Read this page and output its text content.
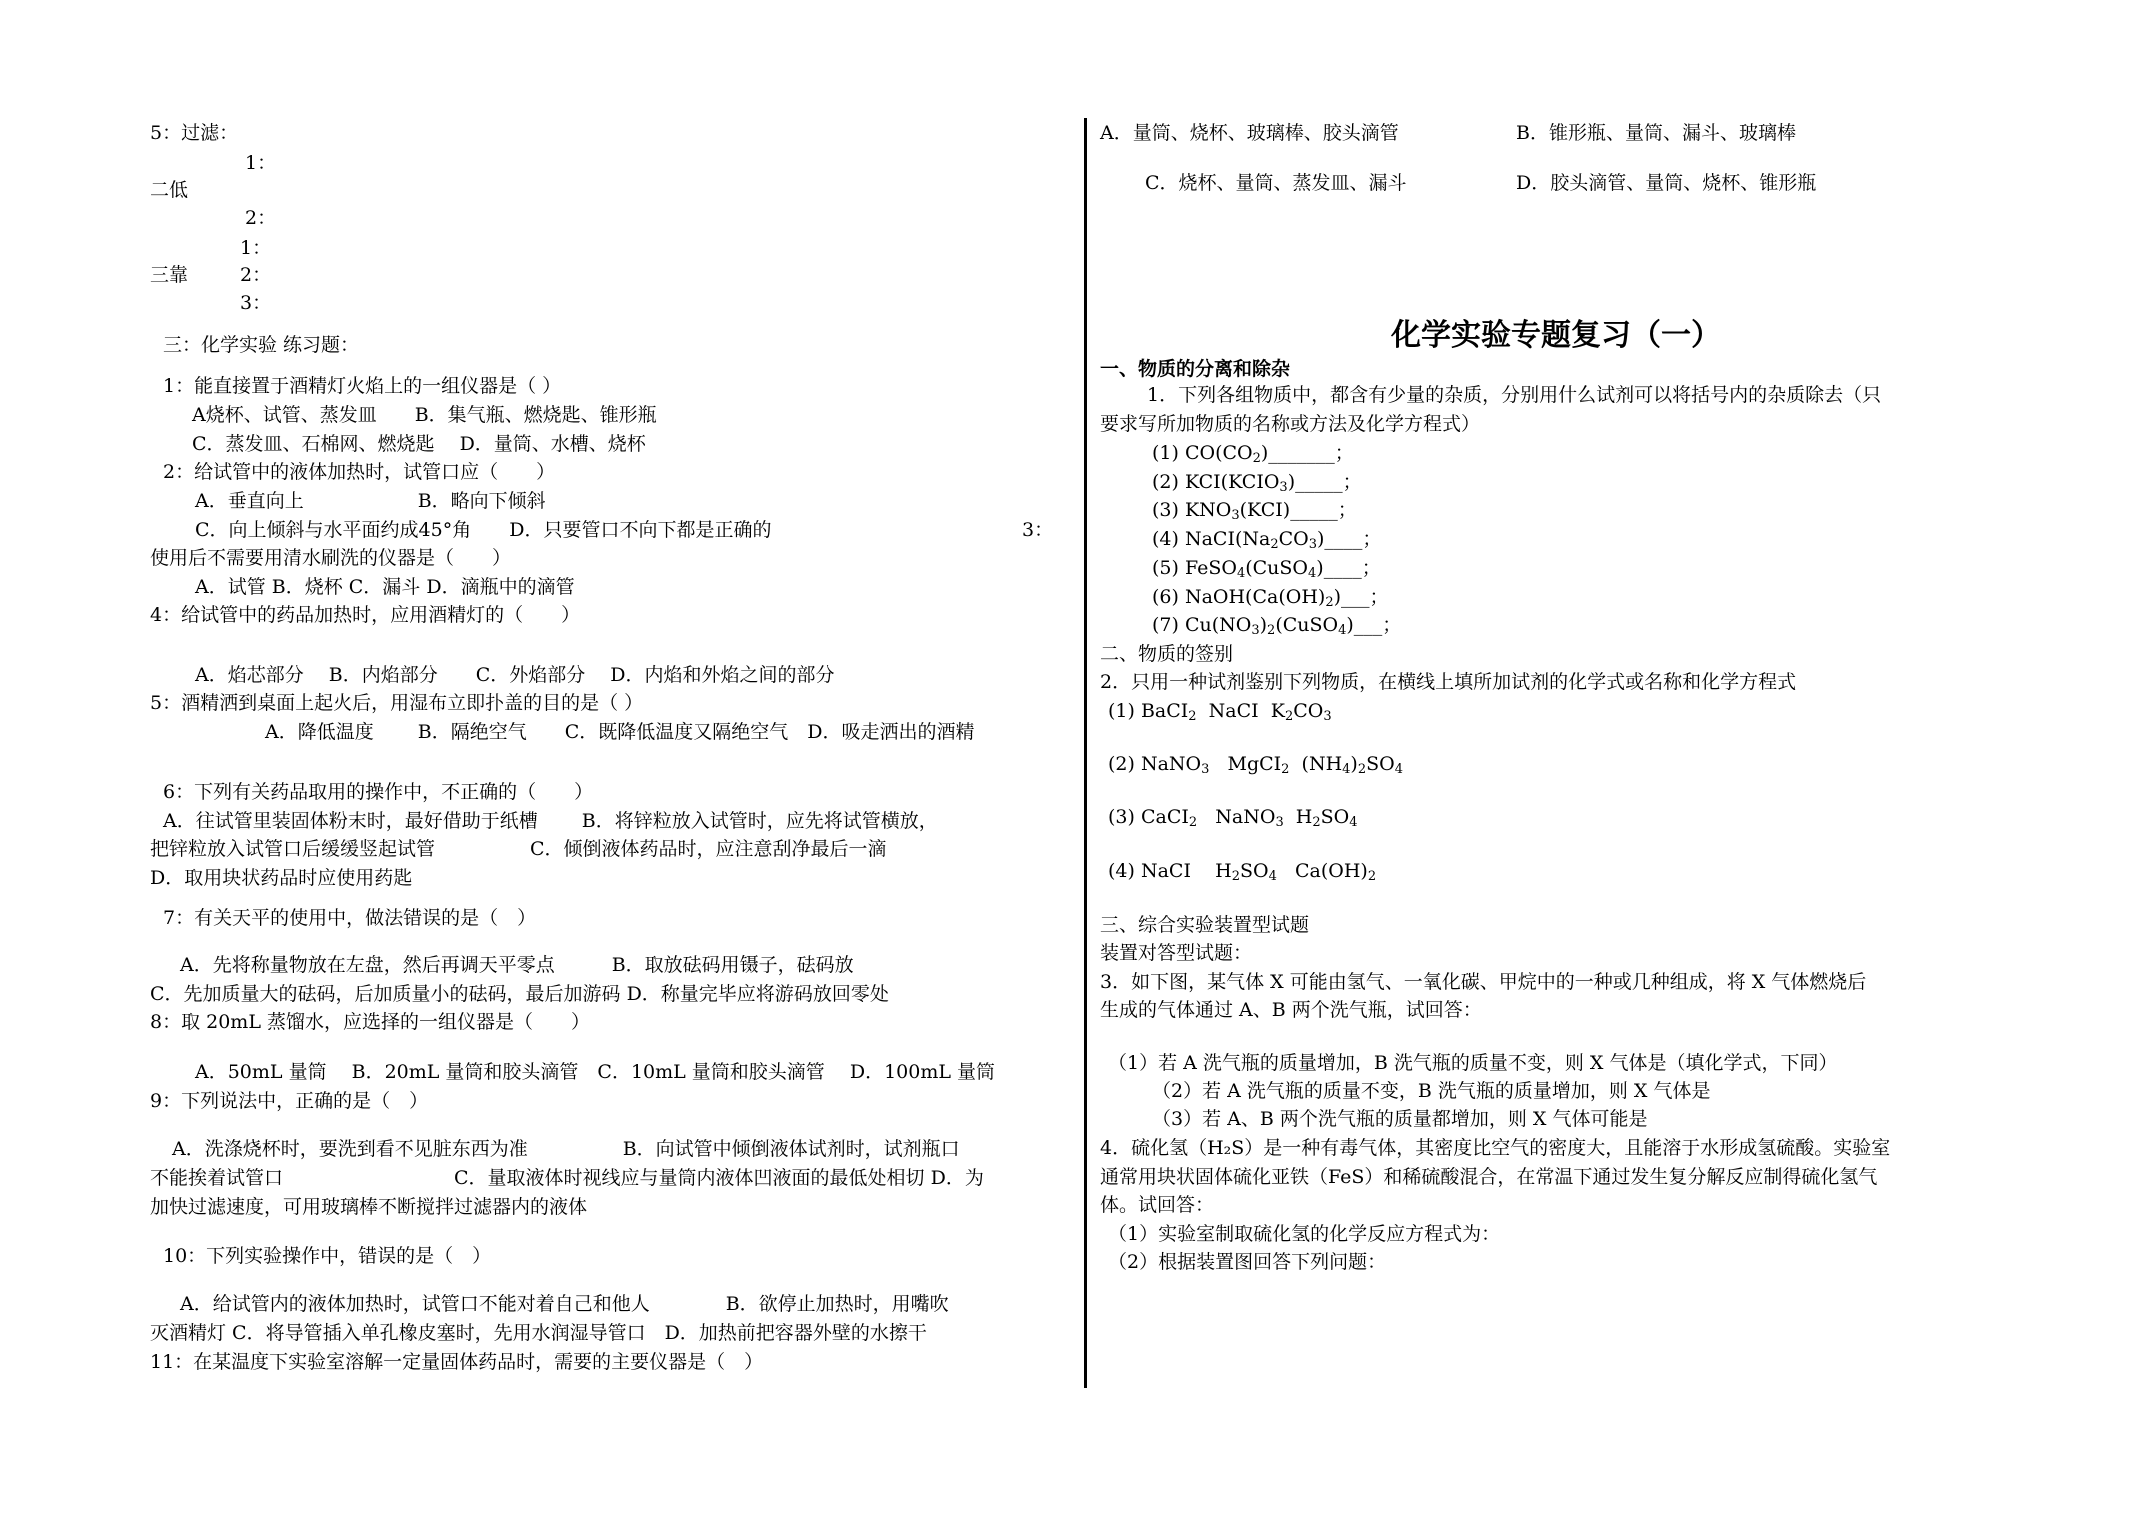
5：过滤：
1：
二低
2：
1：
三靠	2：
3：
三：化学实验 练习题：
1：能直接置于酒精灯火焰上的一组仪器是（ ）
A烧杯、试管、蒸发皿　　B．集气瓶、燃烧匙、锥形瓶
C．蒸发皿、石棉网、燃烧匙　 D．量筒、水槽、烧杯
2：给试管中的液体加热时，试管口应（　　）
A．垂直向上　　　　　　B．略向下倾斜
C．向上倾斜与水平面约成45°角　　D．只要管口不向下都是正确的	3：
使用后不需要用清水刷洗的仪器是（　　）
A．试管 B．烧杯 C．漏斗 D．滴瓶中的滴管
4：给试管中的药品加热时，应用酒精灯的（　　）
A．焰芯部分　 B．内焰部分　　C．外焰部分　 D．内焰和外焰之间的部分
5：酒精洒到桌面上起火后，用湿布立即扑盖的目的是（ ）
A．降低温度　　 B．隔绝空气　　C．既降低温度又隔绝空气　D．吸走洒出的酒精
6：下列有关药品取用的操作中，不正确的（　　）
A．往试管里装固体粉末时，最好借助于纸槽　　 B．将锌粒放入试管时，应先将试管横放，
把锌粒放入试管口后缓缓竖起试管　　　　　C．倾倒液体药品时，应注意刮净最后一滴
D．取用块状药品时应使用药匙
7：有关天平的使用中，做法错误的是（　）
A．先将称量物放在左盘，然后再调天平零点　　　B．取放砝码用镊子，砝码放
C．先加质量大的砝码，后加质量小的砝码，最后加游码 D．称量完毕应将游码放回零处
8：取 20mL 蒸馏水，应选择的一组仪器是（　　）
A．50mL 量筒　 B．20mL 量筒和胶头滴管　C．10mL 量筒和胶头滴管　 D．100mL 量筒
9：下列说法中，正确的是（　）
A．洗涤烧杯时，要洗到看不见脏东西为准　　　　　B．向试管中倾倒液体试剂时，试剂瓶口
不能挨着试管口　　　　　　　　　C．量取液体时视线应与量筒内液体凹液面的最低处相切 D．为
加快过滤速度，可用玻璃棒不断搅拌过滤器内的液体
10：下列实验操作中，错误的是（　）
A．给试管内的液体加热时，试管口不能对着自己和他人　　　　B．欲停止加热时，用嘴吹
灭酒精灯 C．将导管插入单孔橡皮塞时，先用水润湿导管口　D．加热前把容器外壁的水擦干
11：在某温度下实验室溶解一定量固体药品时，需要的主要仪器是（　）
A．量筒、烧杯、玻璃棒、胶头滴管	B．锥形瓶、量筒、漏斗、玻璃棒
C．烧杯、量筒、蒸发皿、漏斗	D．胶头滴管、量筒、烧杯、锥形瓶
化学实验专题复习（一）
一、物质的分离和除杂
1．下列各组物质中，都含有少量的杂质，分别用什么试剂可以将括号内的杂质除去（只
要求写所加物质的名称或方法及化学方程式）
(1) $CO(CO_2)\_\_\_\_\_\_\_$；
(2) $KCI(KCIO_3)\_\_\_\_\_$；
(3) $KNO_3(KCI)\_\_\_\_\_$；
(4) $NaCI(Na_2CO_3)\_\_\_\_$；
(5) FeSO$_4$(CuSO$_4$)____；
(6) $NaOH(Ca(OH)_2)\_\_\_$；
(7) $Cu(NO_3)_2(CuSO_4)\_\_\_$；
二、物质的签别
2．只用一种试剂鉴别下列物质，在横线上填所加试剂的化学式或名称和化学方程式
(1) BaCI$_2$  NaCI  $K_2CO_3$
(2) NaNO$_3$   MgCI$_2$  $(NH_4)_2SO_4$
(3) CaCI$_2$   NaNO$_3$  $H_2SO_4$
(4) NaCI    $H_2SO_4$   $Ca(OH)_2$
三、综合实验装置型试题
装置对答型试题：
3．如下图，某气体 X 可能由氢气、一氧化碳、甲烷中的一种或几种组成，将 X 气体燃烧后
生成的气体通过 A、B 两个洗气瓶，试回答：
（1）若 A 洗气瓶的质量增加，B 洗气瓶的质量不变，则 X 气体是（填化学式，下同）
（2）若 A 洗气瓶的质量不变，B 洗气瓶的质量增加，则 X 气体是
（3）若 A、B 两个洗气瓶的质量都增加，则 X 气体可能是
4．硫化氢（H₂S）是一种有毒气体，其密度比空气的密度大，且能溶于水形成氢硫酸。实验室
通常用块状固体硫化亚铁（FeS）和稀硫酸混合，在常温下通过发生复分解反应制得硫化氢气
体。试回答：
（1）实验室制取硫化氢的化学反应方程式为：
（2）根据装置图回答下列问题：
